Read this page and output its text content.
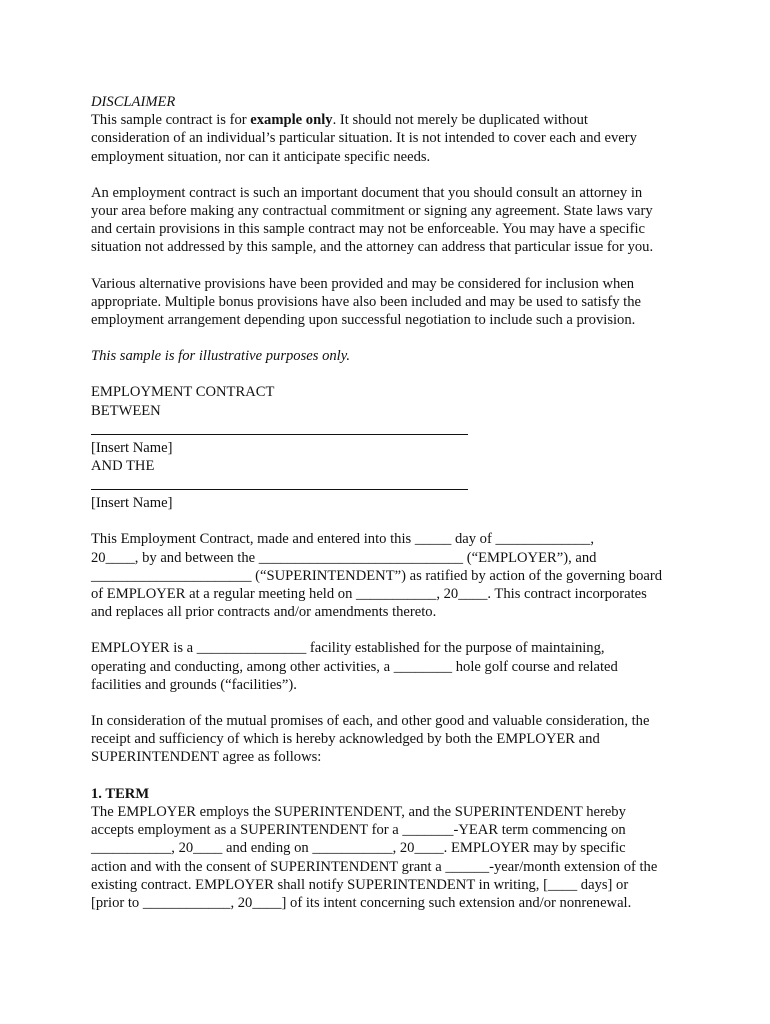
DISCLAIMER
This sample contract is for example only. It should not merely be duplicated without
consideration of an individual’s particular situation. It is not intended to cover each and every
employment situation, nor can it anticipate specific needs.
An employment contract is such an important document that you should consult an attorney in
your area before making any contractual commitment or signing any agreement. State laws vary
and certain provisions in this sample contract may not be enforceable. You may have a specific
situation not addressed by this sample, and the attorney can address that particular issue for you.
Various alternative provisions have been provided and may be considered for inclusion when
appropriate. Multiple bonus provisions have also been included and may be used to satisfy the
employment arrangement depending upon successful negotiation to include such a provision.
This sample is for illustrative purposes only.
EMPLOYMENT CONTRACT
BETWEEN
[Insert Name]
AND THE
[Insert Name]
This Employment Contract, made and entered into this _____ day of _____________,
20____, by and between the ____________________________ (“EMPLOYER”), and
______________________ (“SUPERINTENDENT”) as ratified by action of the governing board
of EMPLOYER at a regular meeting held on ___________, 20____. This contract incorporates
and replaces all prior contracts and/or amendments thereto.
EMPLOYER is a _______________ facility established for the purpose of maintaining,
operating and conducting, among other activities, a ________ hole golf course and related
facilities and grounds (“facilities”).
In consideration of the mutual promises of each, and other good and valuable consideration, the
receipt and sufficiency of which is hereby acknowledged by both the EMPLOYER and
SUPERINTENDENT agree as follows:
1. TERM
The EMPLOYER employs the SUPERINTENDENT, and the SUPERINTENDENT hereby
accepts employment as a SUPERINTENDENT for a _______-YEAR term commencing on
___________, 20____ and ending on ___________, 20____. EMPLOYER may by specific
action and with the consent of SUPERINTENDENT grant a ______-year/month extension of the
existing contract. EMPLOYER shall notify SUPERINTENDENT in writing, [____ days] or
[prior to ____________, 20____] of its intent concerning such extension and/or nonrenewal.
